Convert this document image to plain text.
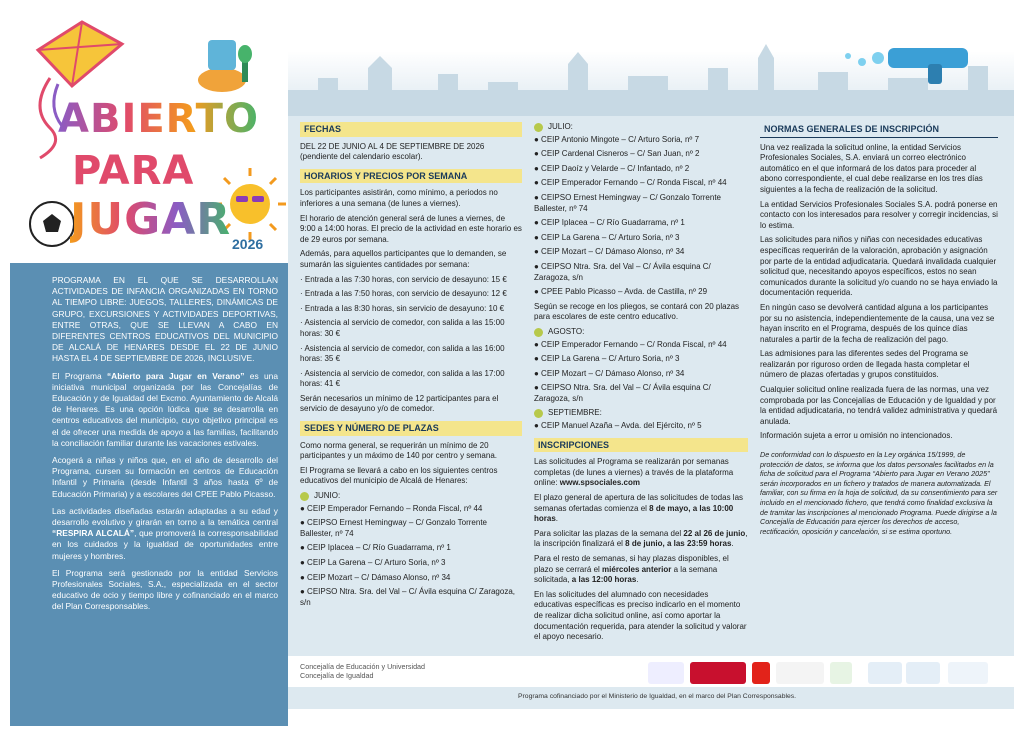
ABIERTO
PARA
JUGAR 2026

PROGRAMA EN EL QUE SE DESARROLLAN ACTIVIDADES DE INFANCIA ORGANIZADAS EN TORNO AL TIEMPO LIBRE: JUEGOS, TALLERES, DINÁMICAS DE GRUPO, EXCURSIONES Y ACTIVIDADES DEPORTIVAS, ENTRE OTRAS, QUE SE LLEVAN A CABO EN DIFERENTES CENTROS EDUCATIVOS DEL MUNICIPIO DE ALCALÁ DE HENARES DESDE EL 22 DE JUNIO HASTA EL 4 DE SEPTIEMBRE DE 2026, INCLUSIVE.

El Programa “Abierto para Jugar en Verano” es una iniciativa municipal organizada por las Concejalías de Educación y de Igualdad del Excmo. Ayuntamiento de Alcalá de Henares. Es una opción lúdica que se desarrolla en centros educativos del municipio, cuyo objetivo principal es el de ofrecer una medida de apoyo a las familias, facilitando la conciliación familiar durante las vacaciones estivales.

Acogerá a niñas y niños que, en el año de desarrollo del Programa, cursen su formación en centros de Educación Infantil y Primaria (desde Infantil 3 años hasta 6º de Educación Primaria) y a escolares del CPEE Pablo Picasso.

Las actividades diseñadas estarán adaptadas a su edad y desarrollo evolutivo y girarán en torno a la temática central “RESPIRA ALCALÁ”, que promoverá la corresponsabilidad en los cuidados y la igualdad de oportunidades entre mujeres y hombres.

El Programa será gestionado por la entidad Servicios Profesionales Sociales, S.A., especializada en el sector educativo de ocio y tiempo libre y cofinanciado en el marco del Plan Corresponsables.

FECHAS

DEL 22 DE JUNIO AL 4 DE SEPTIEMBRE DE 2026 (pendiente del calendario escolar).

HORARIOS Y PRECIOS POR SEMANA

Los participantes asistirán, como mínimo, a periodos no inferiores a una semana (de lunes a viernes).

El horario de atención general será de lunes a viernes, de 9:00 a 14:00 horas. El precio de la actividad en este horario es de 29 euros por semana.

Además, para aquellos participantes que lo demanden, se sumarán las siguientes cantidades por semana:

· Entrada a las 7:30 horas, con servicio de desayuno: 15 €

· Entrada a las 7:50 horas, con servicio de desayuno: 12 €

· Entrada a las 8:30 horas, sin servicio de desayuno: 10 €

· Asistencia al servicio de comedor, con salida a las 15:00 horas: 30 €

· Asistencia al servicio de comedor, con salida a las 16:00 horas: 35 €

· Asistencia al servicio de comedor, con salida a las 17:00 horas: 41 €

Serán necesarios un mínimo de 12 participantes para el servicio de desayuno y/o de comedor.

SEDES Y NÚMERO DE PLAZAS

Como norma general, se requerirán un mínimo de 20 participantes y un máximo de 140 por centro y semana.

El Programa se llevará a cabo en los siguientes centros educativos del municipio de Alcalá de Henares:

JUNIO:

● CEIP Emperador Fernando – Ronda Fiscal, nº 44

● CEIPSO Ernest Hemingway – C/ Gonzalo Torrente Ballester, nº 74

● CEIP Iplacea – C/ Río Guadarrama, nº 1

● CEIP La Garena – C/ Arturo Soria, nº 3

● CEIP Mozart – C/ Dámaso Alonso, nº 34

● CEIPSO Ntra. Sra. del Val – C/ Ávila esquina C/ Zaragoza, s/n

JULIO:

● CEIP Antonio Mingote – C/ Arturo Soria, nº 7

● CEIP Cardenal Cisneros – C/ San Juan, nº 2

● CEIP Daoíz y Velarde – C/ Infantado, nº 2

● CEIP Emperador Fernando – C/ Ronda Fiscal, nº 44

● CEIPSO Ernest Hemingway – C/ Gonzalo Torrente Ballester, nº 74

● CEIP Iplacea – C/ Río Guadarrama, nº 1

● CEIP La Garena – C/ Arturo Soria, nº 3

● CEIP Mozart – C/ Dámaso Alonso, nº 34

● CEIPSO Ntra. Sra. del Val – C/ Ávila esquina C/ Zaragoza, s/n

● CPEE Pablo Picasso – Avda. de Castilla, nº 29

Según se recoge en los pliegos, se contará con 20 plazas para escolares de este centro educativo.

AGOSTO:

● CEIP Emperador Fernando – C/ Ronda Fiscal, nº 44

● CEIP La Garena – C/ Arturo Soria, nº 3

● CEIP Mozart – C/ Dámaso Alonso, nº 34

● CEIPSO Ntra. Sra. del Val – C/ Ávila esquina C/ Zaragoza, s/n

SEPTIEMBRE:

● CEIP Manuel Azaña – Avda. del Ejército, nº 5

INSCRIPCIONES

Las solicitudes al Programa se realizarán por semanas completas (de lunes a viernes) a través de la plataforma online: www.spsociales.com

El plazo general de apertura de las solicitudes de todas las semanas ofertadas comienza el 8 de mayo, a las 10:00 horas.

Para solicitar las plazas de la semana del 22 al 26 de junio, la inscripción finalizará el 8 de junio, a las 23:59 horas.

Para el resto de semanas, si hay plazas disponibles, el plazo se cerrará el miércoles anterior a la semana solicitada, a las 12:00 horas.

En las solicitudes del alumnado con necesidades educativas específicas es preciso indicarlo en el momento de realizar dicha solicitud online, así como aportar la documentación requerida, para atender la solicitud y valorar el apoyo necesario.

NORMAS GENERALES DE INSCRIPCIÓN

Una vez realizada la solicitud online, la entidad Servicios Profesionales Sociales, S.A. enviará un correo electrónico automático en el que informará de los datos para proceder al abono correspondiente, el cual debe realizarse en los tres días siguientes a la fecha de realización de la solicitud.

La entidad Servicios Profesionales Sociales S.A. podrá ponerse en contacto con los interesados para resolver y corregir incidencias, si lo estima.

Las solicitudes para niños y niñas con necesidades educativas específicas requerirán de la valoración, aprobación y asignación por parte de la entidad adjudicataria. Quedará invalidada cualquier solicitud que, necesitando apoyos específicos, estos no sean comunicados durante la solicitud y/o cuando no se haya enviado la documentación requerida.

En ningún caso se devolverá cantidad alguna a los participantes por su no asistencia, independientemente de la causa, una vez se hayan inscrito en el Programa, después de los quince días naturales a partir de la fecha de realización del pago.

Las admisiones para las diferentes sedes del Programa se realizarán por riguroso orden de llegada hasta completar el número de plazas ofertadas y grupos constituidos.

Cualquier solicitud online realizada fuera de las normas, una vez comprobada por las Concejalías de Educación y de Igualdad y por la entidad adjudicataria, no tendrá validez administrativa y quedará anulada.

Información sujeta a error u omisión no intencionados.

De conformidad con lo dispuesto en la Ley orgánica 15/1999, de protección de datos, se informa que los datos personales facilitados en la ficha de solicitud para el Programa “Abierto para Jugar en Verano 2025” serán incorporados en un fichero y tratados de manera automatizada. El familiar, con su firma en la hoja de solicitud, da su consentimiento para ser incluido en el mencionado fichero, que tendrá como finalidad exclusiva la de tramitar las inscripciones al mencionado Programa. Puede dirigirse a la Concejalía de Educación para ejercer los derechos de acceso, rectificación, oposición y cancelación, si se estima oportuno.

Concejalía de Educación y Universidad
Concejalía de Igualdad
Programa cofinanciado por el Ministerio de Igualdad, en el marco del Plan Corresponsables.
